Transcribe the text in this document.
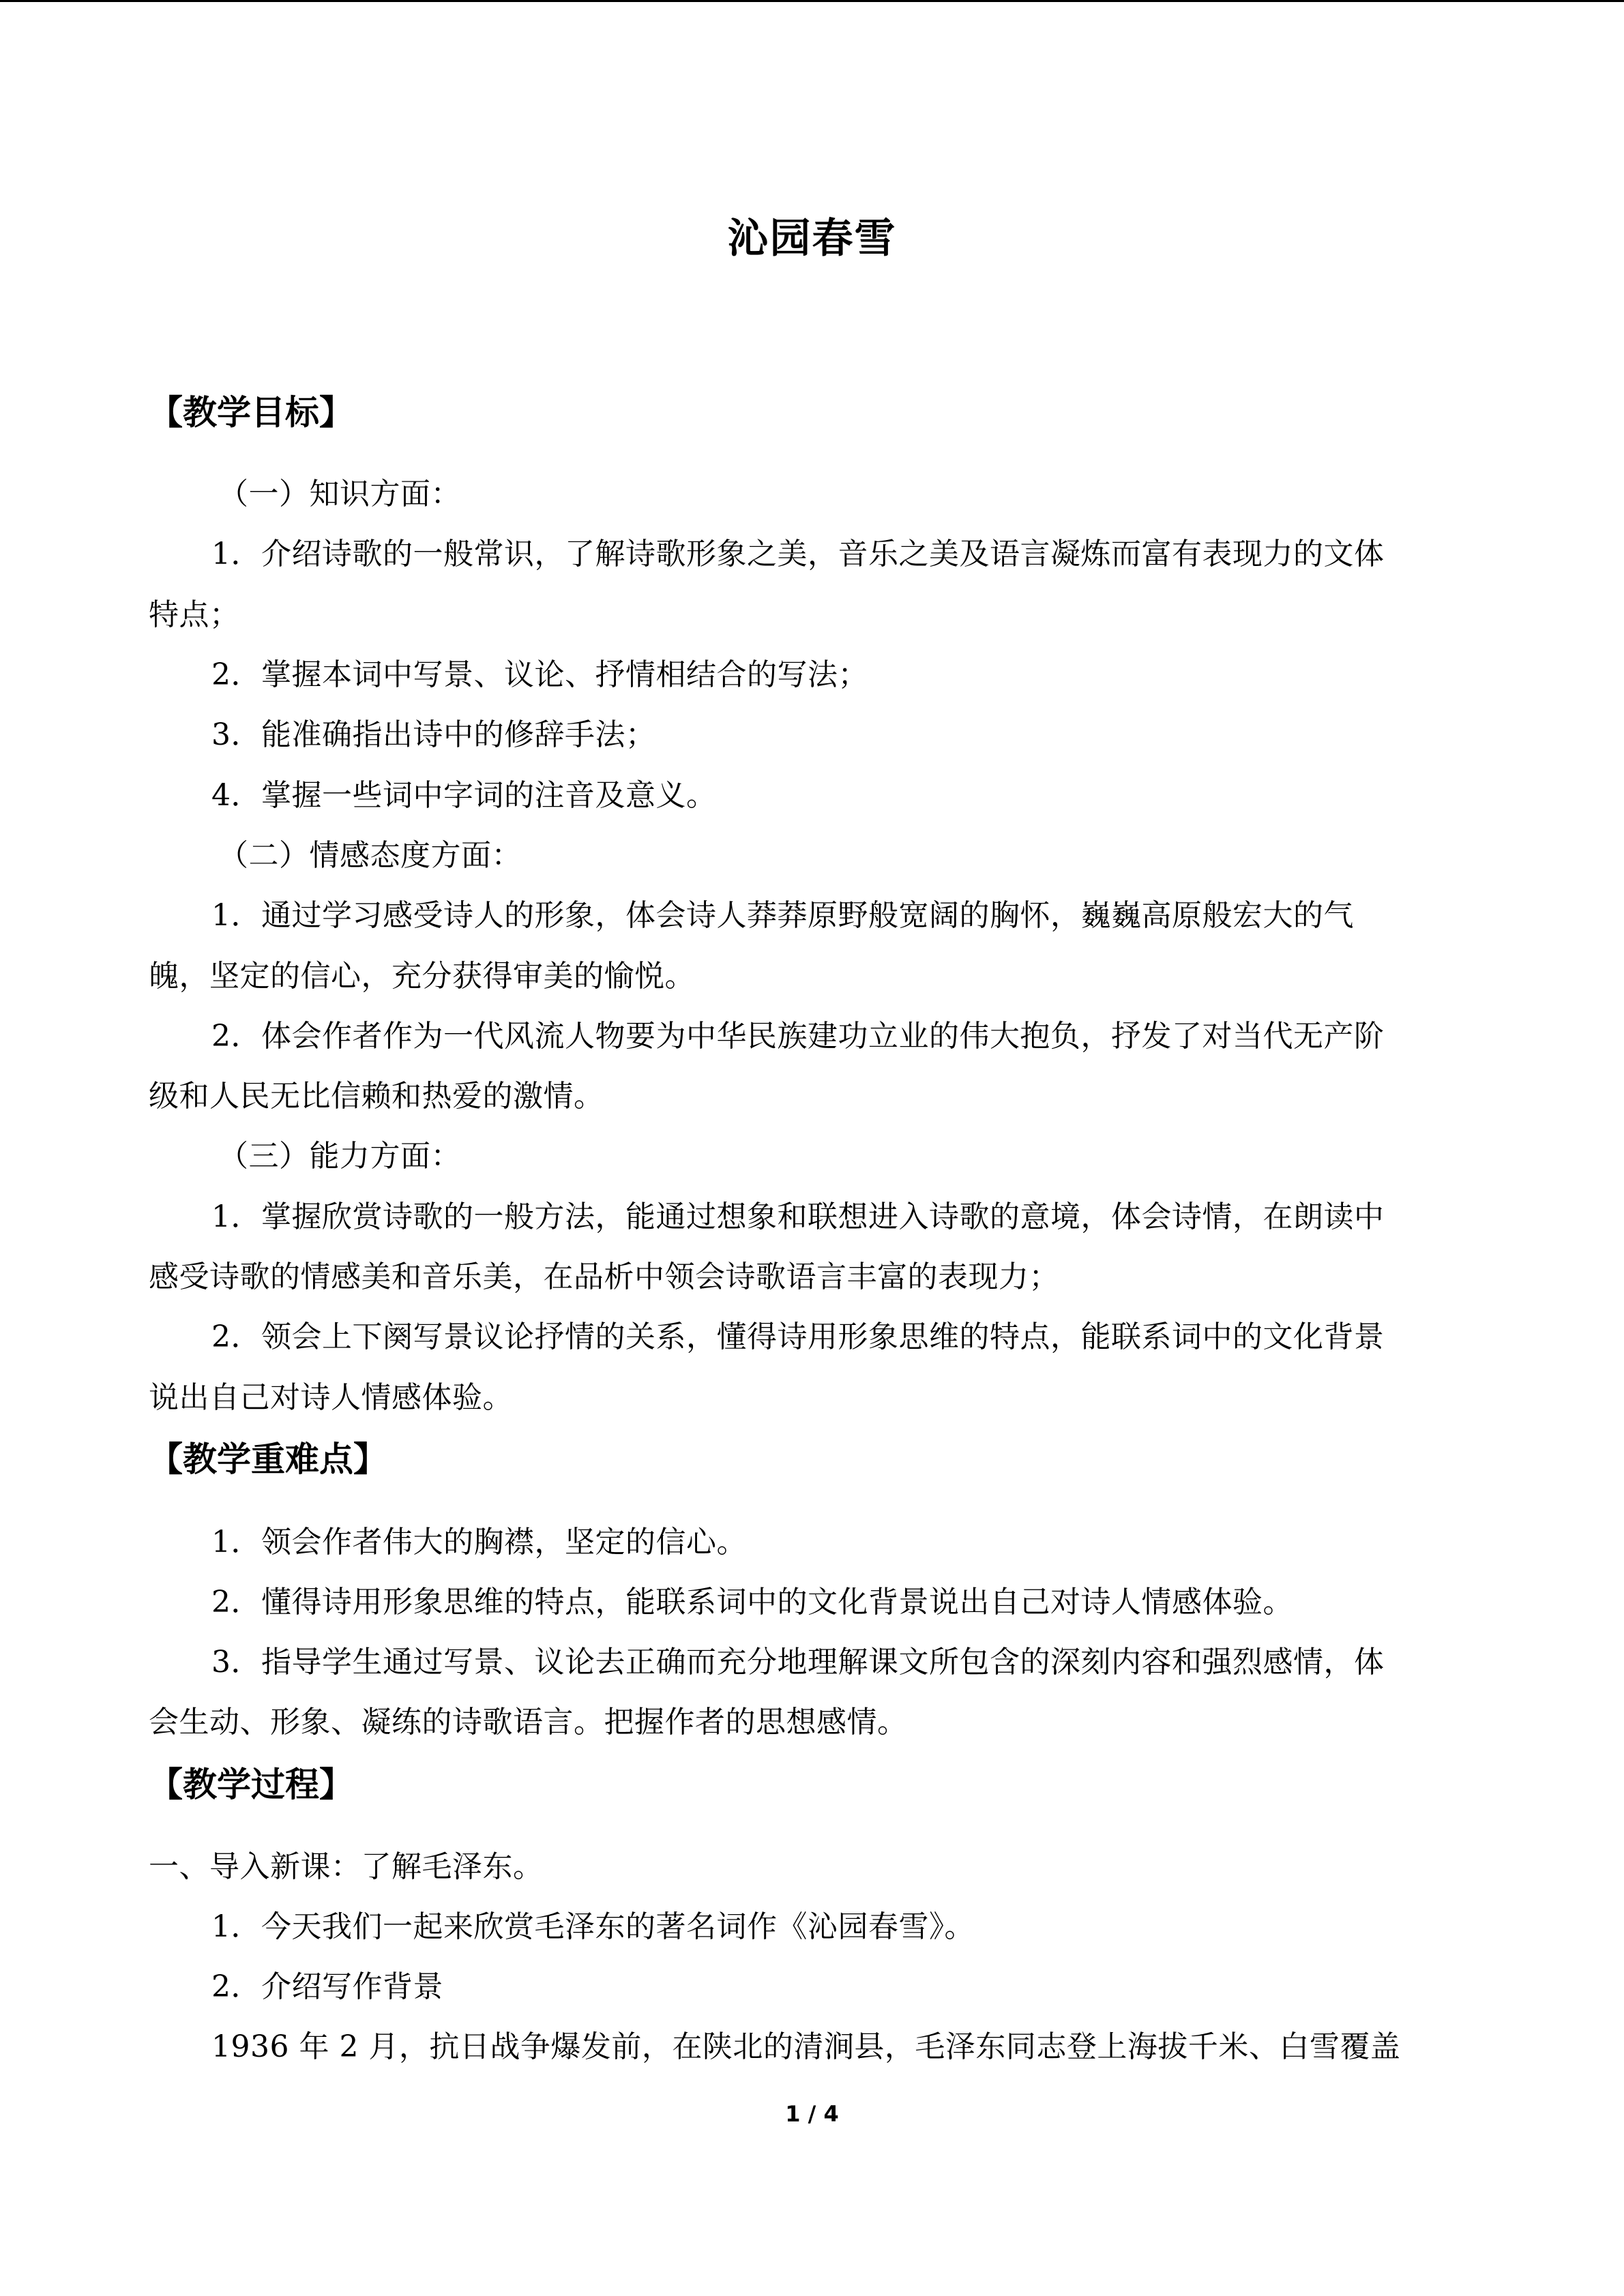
沁园春雪
【教学目标】
（一）知识方面：
1．介绍诗歌的一般常识，了解诗歌形象之美，音乐之美及语言凝炼而富有表现力的文体
特点；
2．掌握本词中写景、议论、抒情相结合的写法；
3．能准确指出诗中的修辞手法；
4．掌握一些词中字词的注音及意义。
（二）情感态度方面：
1．通过学习感受诗人的形象，体会诗人莽莽原野般宽阔的胸怀，巍巍高原般宏大的气
魄，坚定的信心，充分获得审美的愉悦。
2．体会作者作为一代风流人物要为中华民族建功立业的伟大抱负，抒发了对当代无产阶
级和人民无比信赖和热爱的激情。
（三）能力方面：
1．掌握欣赏诗歌的一般方法，能通过想象和联想进入诗歌的意境，体会诗情，在朗读中
感受诗歌的情感美和音乐美，在品析中领会诗歌语言丰富的表现力；
2．领会上下阕写景议论抒情的关系，懂得诗用形象思维的特点，能联系词中的文化背景
说出自己对诗人情感体验。
【教学重难点】
1．领会作者伟大的胸襟，坚定的信心。
2．懂得诗用形象思维的特点，能联系词中的文化背景说出自己对诗人情感体验。
3．指导学生通过写景、议论去正确而充分地理解课文所包含的深刻内容和强烈感情，体
会生动、形象、凝练的诗歌语言。把握作者的思想感情。
【教学过程】
一、导入新课：了解毛泽东。
1．今天我们一起来欣赏毛泽东的著名词作《沁园春雪》。
2．介绍写作背景
1936 年 2 月，抗日战争爆发前，在陕北的清涧县，毛泽东同志登上海拔千米、白雪覆盖
1 / 4
